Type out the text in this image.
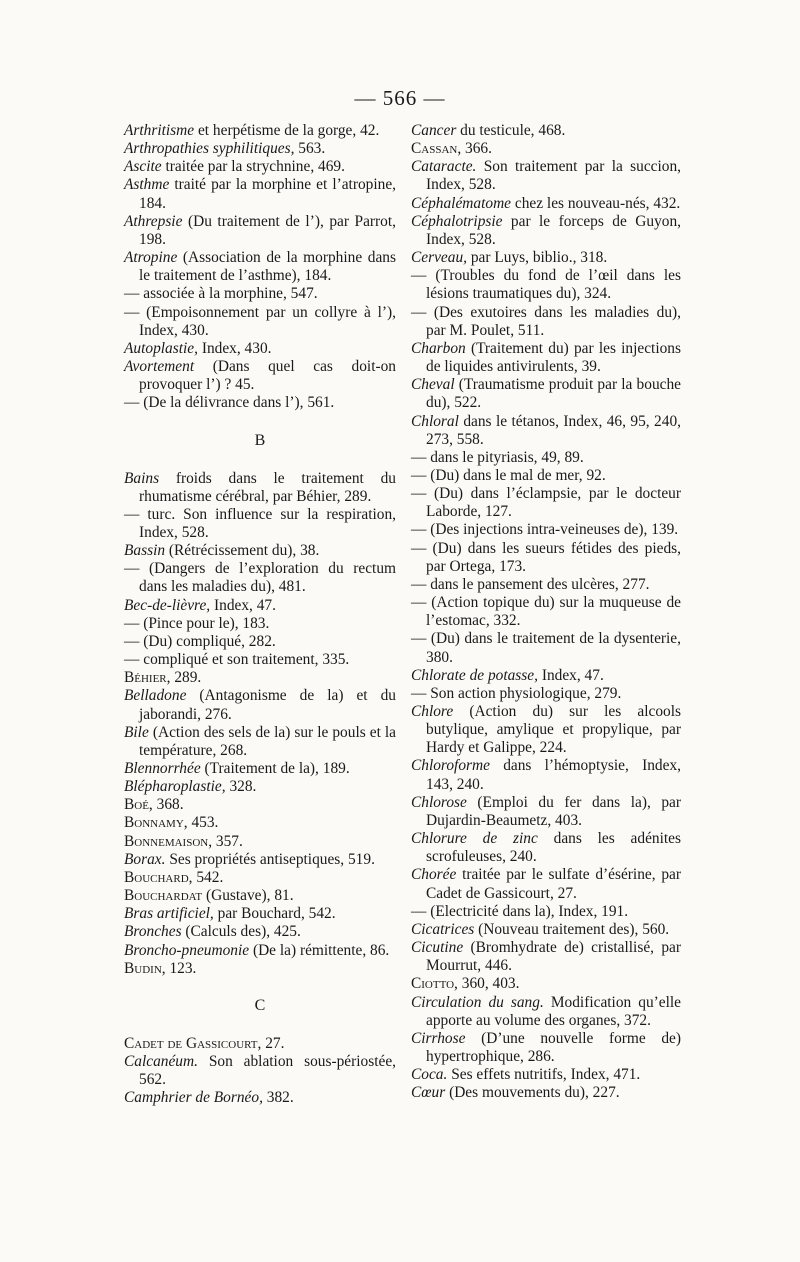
— 566 —

Arthritisme et herpétisme de la gorge, 42.

Arthropathies syphilitiques, 563.

Ascite traitée par la strychnine, 469.

Asthme traité par la morphine et l’atropine, 184.

Athrepsie (Du traitement de l’), par Parrot, 198.

Atropine (Association de la morphine dans le traitement de l’asthme), 184.

— associée à la morphine, 547.

— (Empoisonnement par un collyre à l’), Index, 430.

Autoplastie, Index, 430.

Avortement (Dans quel cas doit-on provoquer l’) ? 45.

— (De la délivrance dans l’), 561.

B

Bains froids dans le traitement du rhumatisme cérébral, par Béhier, 289.

— turc. Son influence sur la respiration, Index, 528.

Bassin (Rétrécissement du), 38.

— (Dangers de l’exploration du rectum dans les maladies du), 481.

Bec-de-lièvre, Index, 47.

— (Pince pour le), 183.

— (Du) compliqué, 282.

— compliqué et son traitement, 335.

Béhier, 289.

Belladone (Antagonisme de la) et du jaborandi, 276.

Bile (Action des sels de la) sur le pouls et la température, 268.

Blennorrhée (Traitement de la), 189.

Blépharoplastie, 328.

Boé, 368.

Bonnamy, 453.

Bonnemaison, 357.

Borax. Ses propriétés antiseptiques, 519.

Bouchard, 542.

Bouchardat (Gustave), 81.

Bras artificiel, par Bouchard, 542.

Bronches (Calculs des), 425.

Broncho-pneumonie (De la) rémittente, 86.

Budin, 123.

C

Cadet de Gassicourt, 27.

Calcanéum. Son ablation sous-périostée, 562.

Camphrier de Bornéo, 382.

Cancer du testicule, 468.

Cassan, 366.

Cataracte. Son traitement par la succion, Index, 528.

Céphalématome chez les nouveau-nés, 432.

Céphalotripsie par le forceps de Guyon, Index, 528.

Cerveau, par Luys, biblio., 318.

— (Troubles du fond de l’œil dans les lésions traumatiques du), 324.

— (Des exutoires dans les maladies du), par M. Poulet, 511.

Charbon (Traitement du) par les injections de liquides antivirulents, 39.

Cheval (Traumatisme produit par la bouche du), 522.

Chloral dans le tétanos, Index, 46, 95, 240, 273, 558.

— dans le pityriasis, 49, 89.

— (Du) dans le mal de mer, 92.

— (Du) dans l’éclampsie, par le docteur Laborde, 127.

— (Des injections intra-veineuses de), 139.

— (Du) dans les sueurs fétides des pieds, par Ortega, 173.

— dans le pansement des ulcères, 277.

— (Action topique du) sur la muqueuse de l’estomac, 332.

— (Du) dans le traitement de la dysenterie, 380.

Chlorate de potasse, Index, 47.

— Son action physiologique, 279.

Chlore (Action du) sur les alcools butylique, amylique et propylique, par Hardy et Galippe, 224.

Chloroforme dans l’hémoptysie, Index, 143, 240.

Chlorose (Emploi du fer dans la), par Dujardin-Beaumetz, 403.

Chlorure de zinc dans les adénites scrofuleuses, 240.

Chorée traitée par le sulfate d’ésérine, par Cadet de Gassicourt, 27.

— (Electricité dans la), Index, 191.

Cicatrices (Nouveau traitement des), 560.

Cicutine (Bromhydrate de) cristallisé, par Mourrut, 446.

Ciotto, 360, 403.

Circulation du sang. Modification qu’elle apporte au volume des organes, 372.

Cirrhose (D’une nouvelle forme de) hypertrophique, 286.

Coca. Ses effets nutritifs, Index, 471.

Cœur (Des mouvements du), 227.
